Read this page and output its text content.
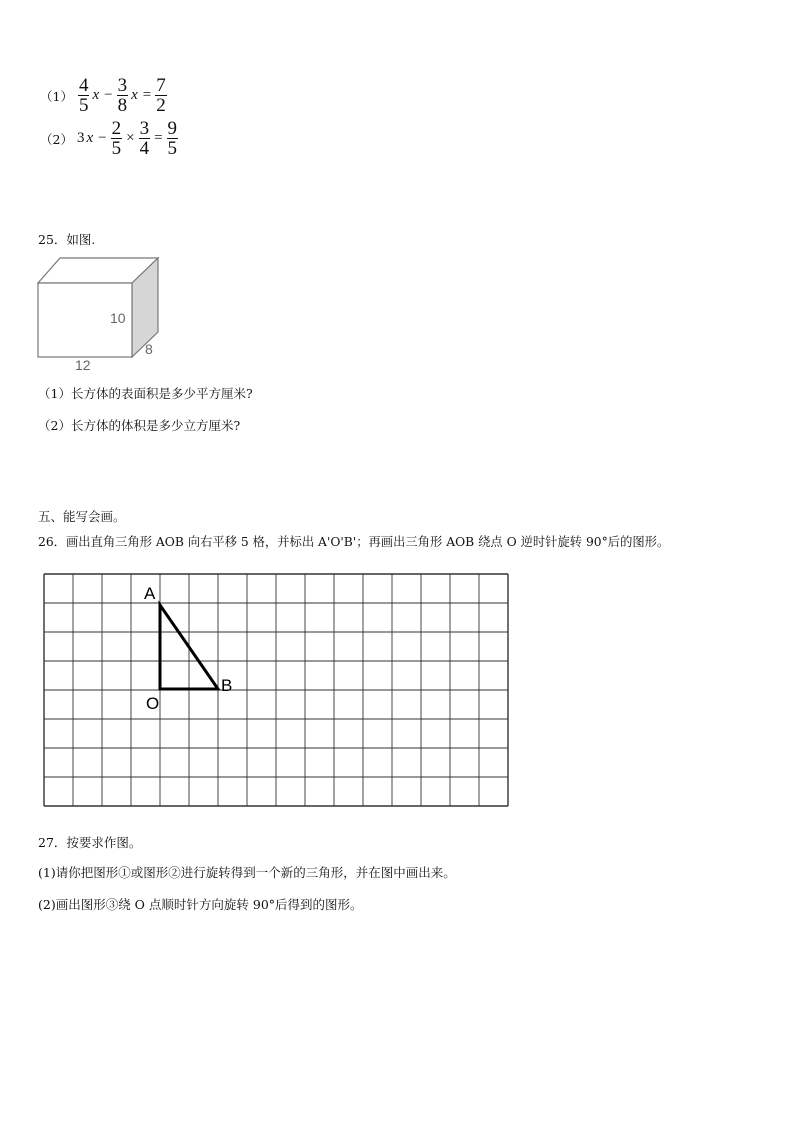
$(1) \frac{4}{5}$ $x - \frac{3}{8}$ $x = \frac{7}{2}$
（2） 3 $x - \frac{2}{5} \times \frac{3}{4} = \frac{9}{5}$
25．如图.
10
12
8
（1）长方体的表面积是多少平方厘米?
（2）长方体的体积是多少立方厘米?
五、能写会画。
26．画出直角三角形 AOB 向右平移 5 格，并标出 A'O'B'；再画出三角形 AOB 绕点 O 逆时针旋转 90°后的图形。
A
B
O
27．按要求作图。
(1)请你把图形①或图形②进行旋转得到一个新的三角形，并在图中画出来。
(2)画出图形③绕 O 点顺时针方向旋转 90°后得到的图形。
